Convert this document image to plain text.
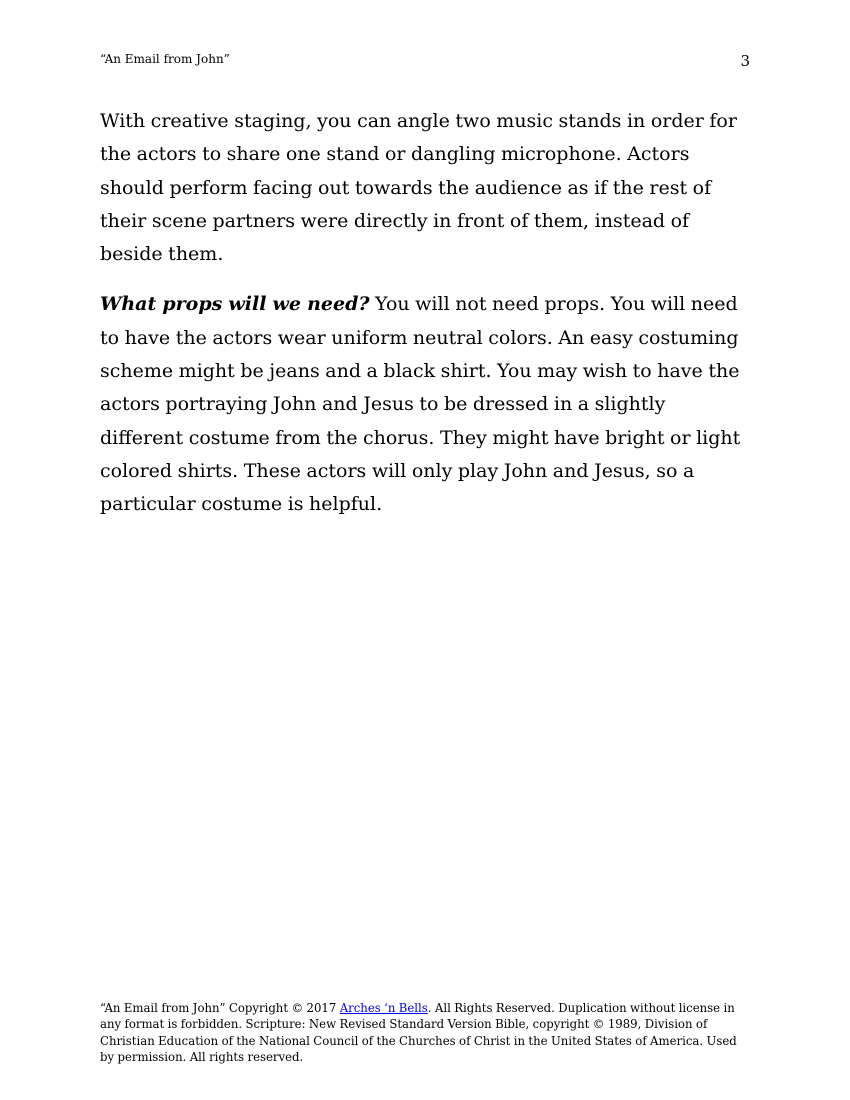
“An Email from John”	3

With creative staging, you can angle two music stands in order for the actors to share one stand or dangling microphone. Actors should perform facing out towards the audience as if the rest of their scene partners were directly in front of them, instead of beside them.

What props will we need? You will not need props. You will need to have the actors wear uniform neutral colors. An easy costuming scheme might be jeans and a black shirt. You may wish to have the actors portraying John and Jesus to be dressed in a slightly different costume from the chorus. They might have bright or light colored shirts. These actors will only play John and Jesus, so a particular costume is helpful.

“An Email from John” Copyright © 2017 Arches ‘n Bells. All Rights Reserved. Duplication without license in any format is forbidden. Scripture: New Revised Standard Version Bible, copyright © 1989, Division of Christian Education of the National Council of the Churches of Christ in the United States of America. Used by permission. All rights reserved.
